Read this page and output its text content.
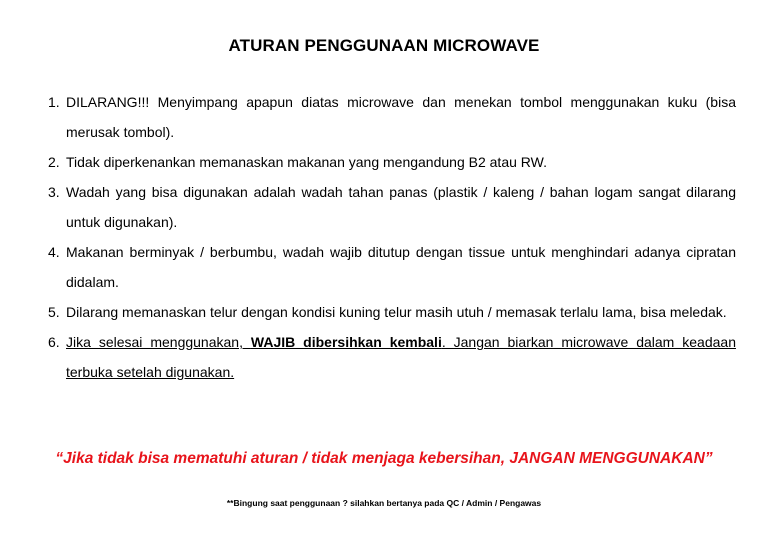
ATURAN PENGGUNAAN MICROWAVE
1. DILARANG!!! Menyimpang apapun diatas microwave dan menekan tombol menggunakan kuku (bisa merusak tombol).
2. Tidak diperkenankan memanaskan makanan yang mengandung B2 atau RW.
3. Wadah yang bisa digunakan adalah wadah tahan panas (plastik / kaleng / bahan logam sangat dilarang untuk digunakan).
4. Makanan berminyak / berbumbu, wadah wajib ditutup dengan tissue untuk menghindari adanya cipratan didalam.
5. Dilarang memanaskan telur dengan kondisi kuning telur masih utuh / memasak terlalu lama, bisa meledak.
6. Jika selesai menggunakan, WAJIB dibersihkan kembali. Jangan biarkan microwave dalam keadaan terbuka setelah digunakan.
“Jika tidak bisa mematuhi aturan / tidak menjaga kebersihan, JANGAN MENGGUNAKAN”
**Bingung saat penggunaan ? silahkan bertanya pada QC / Admin / Pengawas
